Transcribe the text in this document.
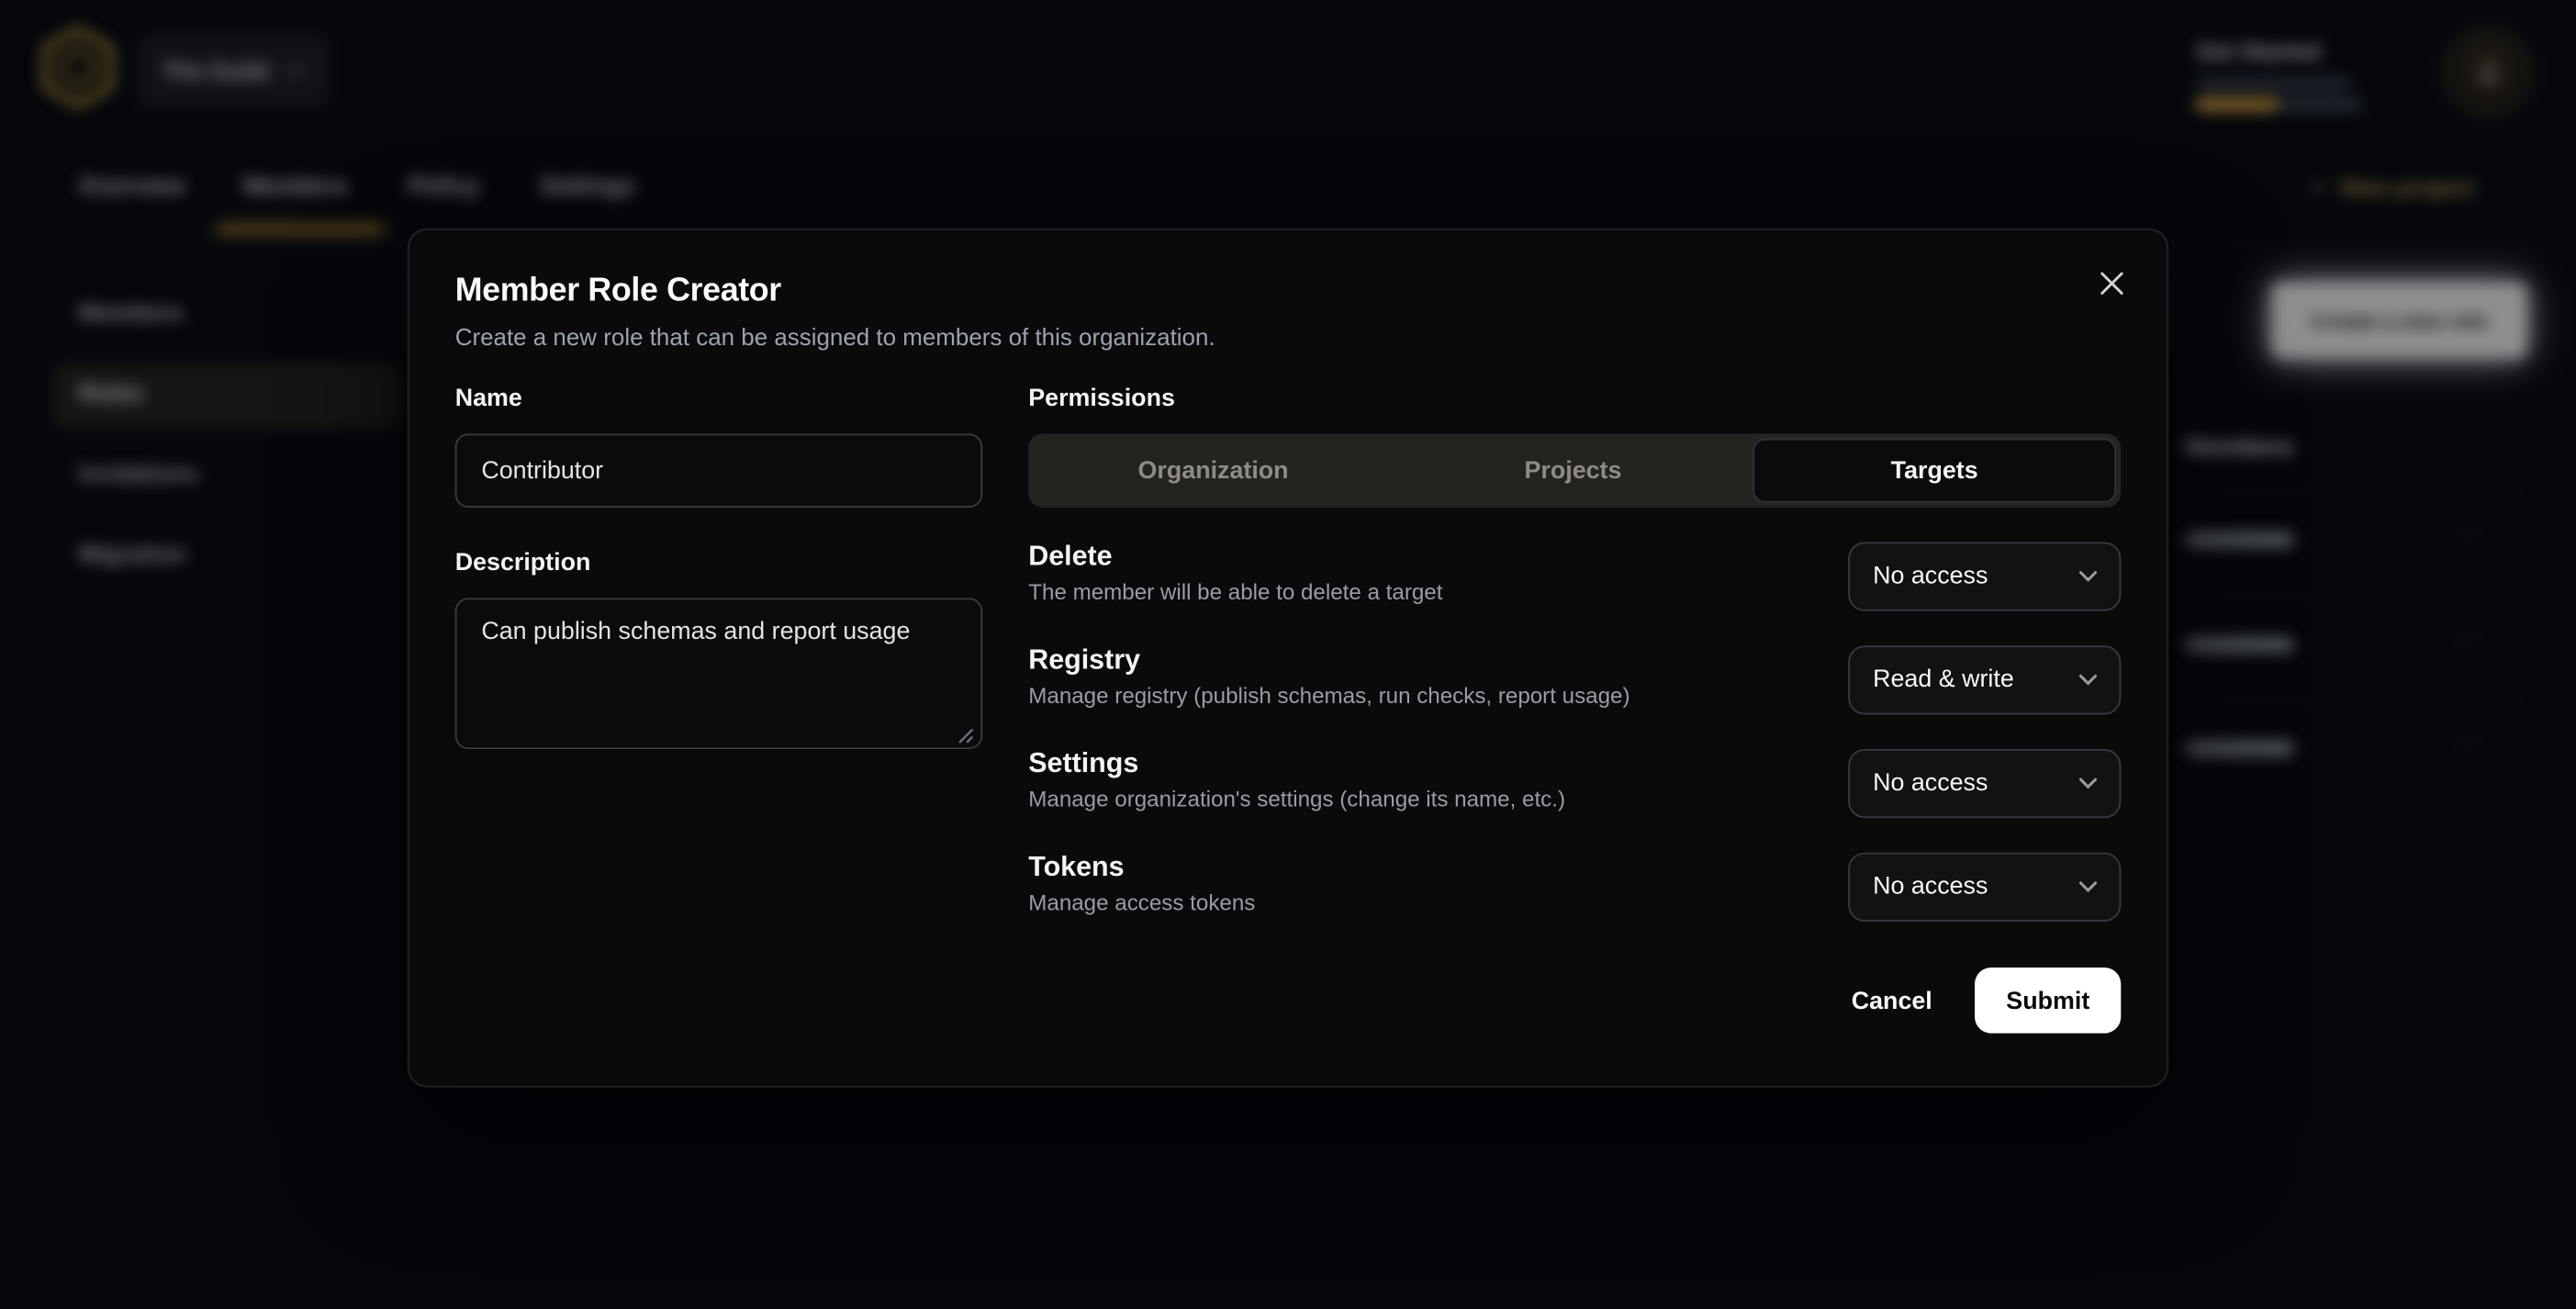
The Guild
Get Started
Overview	Members	Policy	Settings	+ New project
Members
Roles
Invitations
Migration
Create a new role
Members
⋯
⋯
⋯
Member Role Creator
Create a new role that can be assigned to members of this organization.
Name
Contributor
Description
Can publish schemas and report usage
Permissions
Organization	Projects	Targets
Delete
The member will be able to delete a target
No access
Registry
Manage registry (publish schemas, run checks, report usage)
Read & write
Settings
Manage organization's settings (change its name, etc.)
No access
Tokens
Manage access tokens
No access
Cancel	Submit
